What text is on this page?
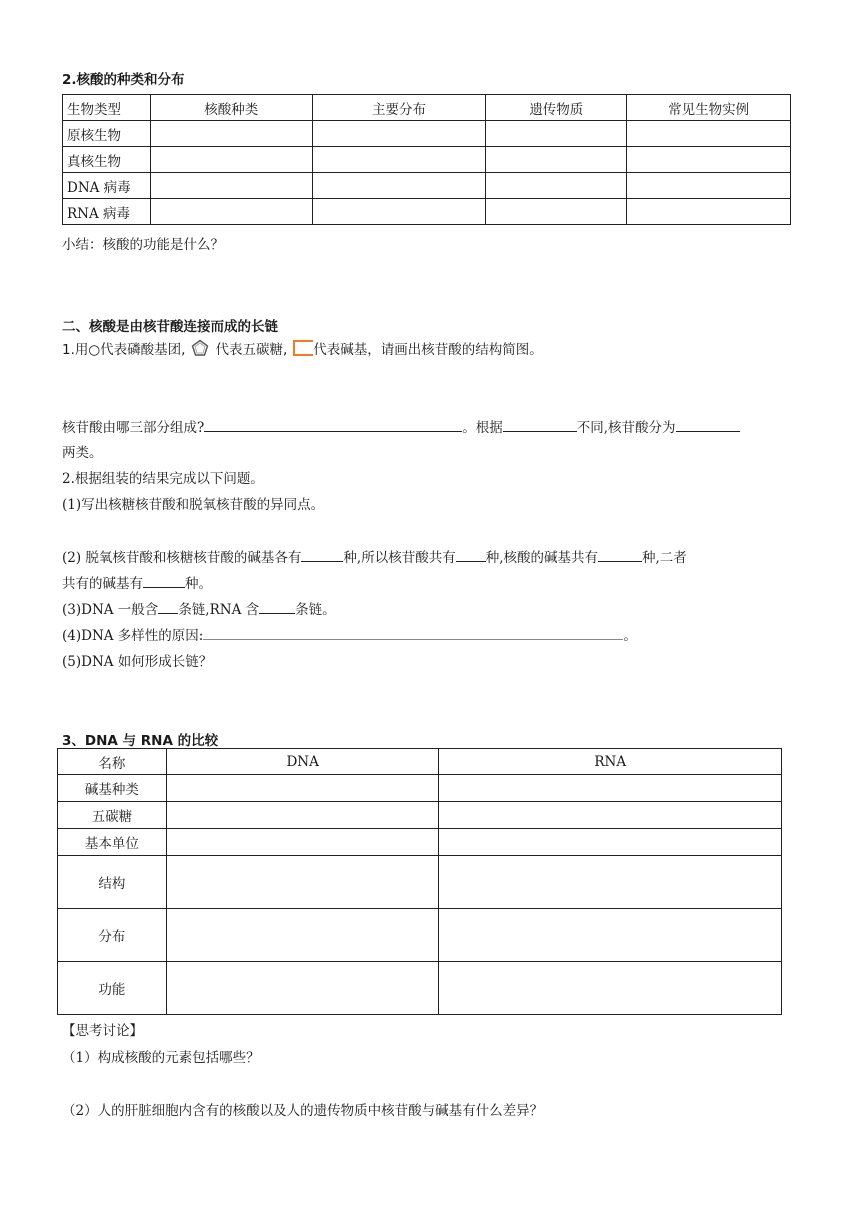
2.核酸的种类和分布
生物类型	核酸种类	主要分布	遗传物质	常见生物实例
原核生物				
真核生物				
DNA 病毒				
RNA 病毒				
小结：核酸的功能是什么？
二、核酸是由核苷酸连接而成的长链
1.用○代表磷酸基团, 代表五碳糖, 代表碱基，请画出核苷酸的结构简图。
核苷酸由哪三部分组成?	。根据	不同,核苷酸分为
两类。
2.根据组装的结果完成以下问题。
(1)写出核糖核苷酸和脱氧核苷酸的异同点。
(2) 脱氧核苷酸和核糖核苷酸的碱基各有	种,所以核苷酸共有 种,核酸的碱基共有	种,二者
共有的碱基有	种。
(3)DNA 一般含 条链,RNA 含	条链。
(4)DNA 多样性的原因:	。
(5)DNA 如何形成长链？
3、DNA 与 RNA 的比较
名称	DNA	RNA
碱基种类		
五碳糖		
基本单位		
结构		
分布		
功能		
【思考讨论】
（1）构成核酸的元素包括哪些？
（2）人的肝脏细胞内含有的核酸以及人的遗传物质中核苷酸与碱基有什么差异？
